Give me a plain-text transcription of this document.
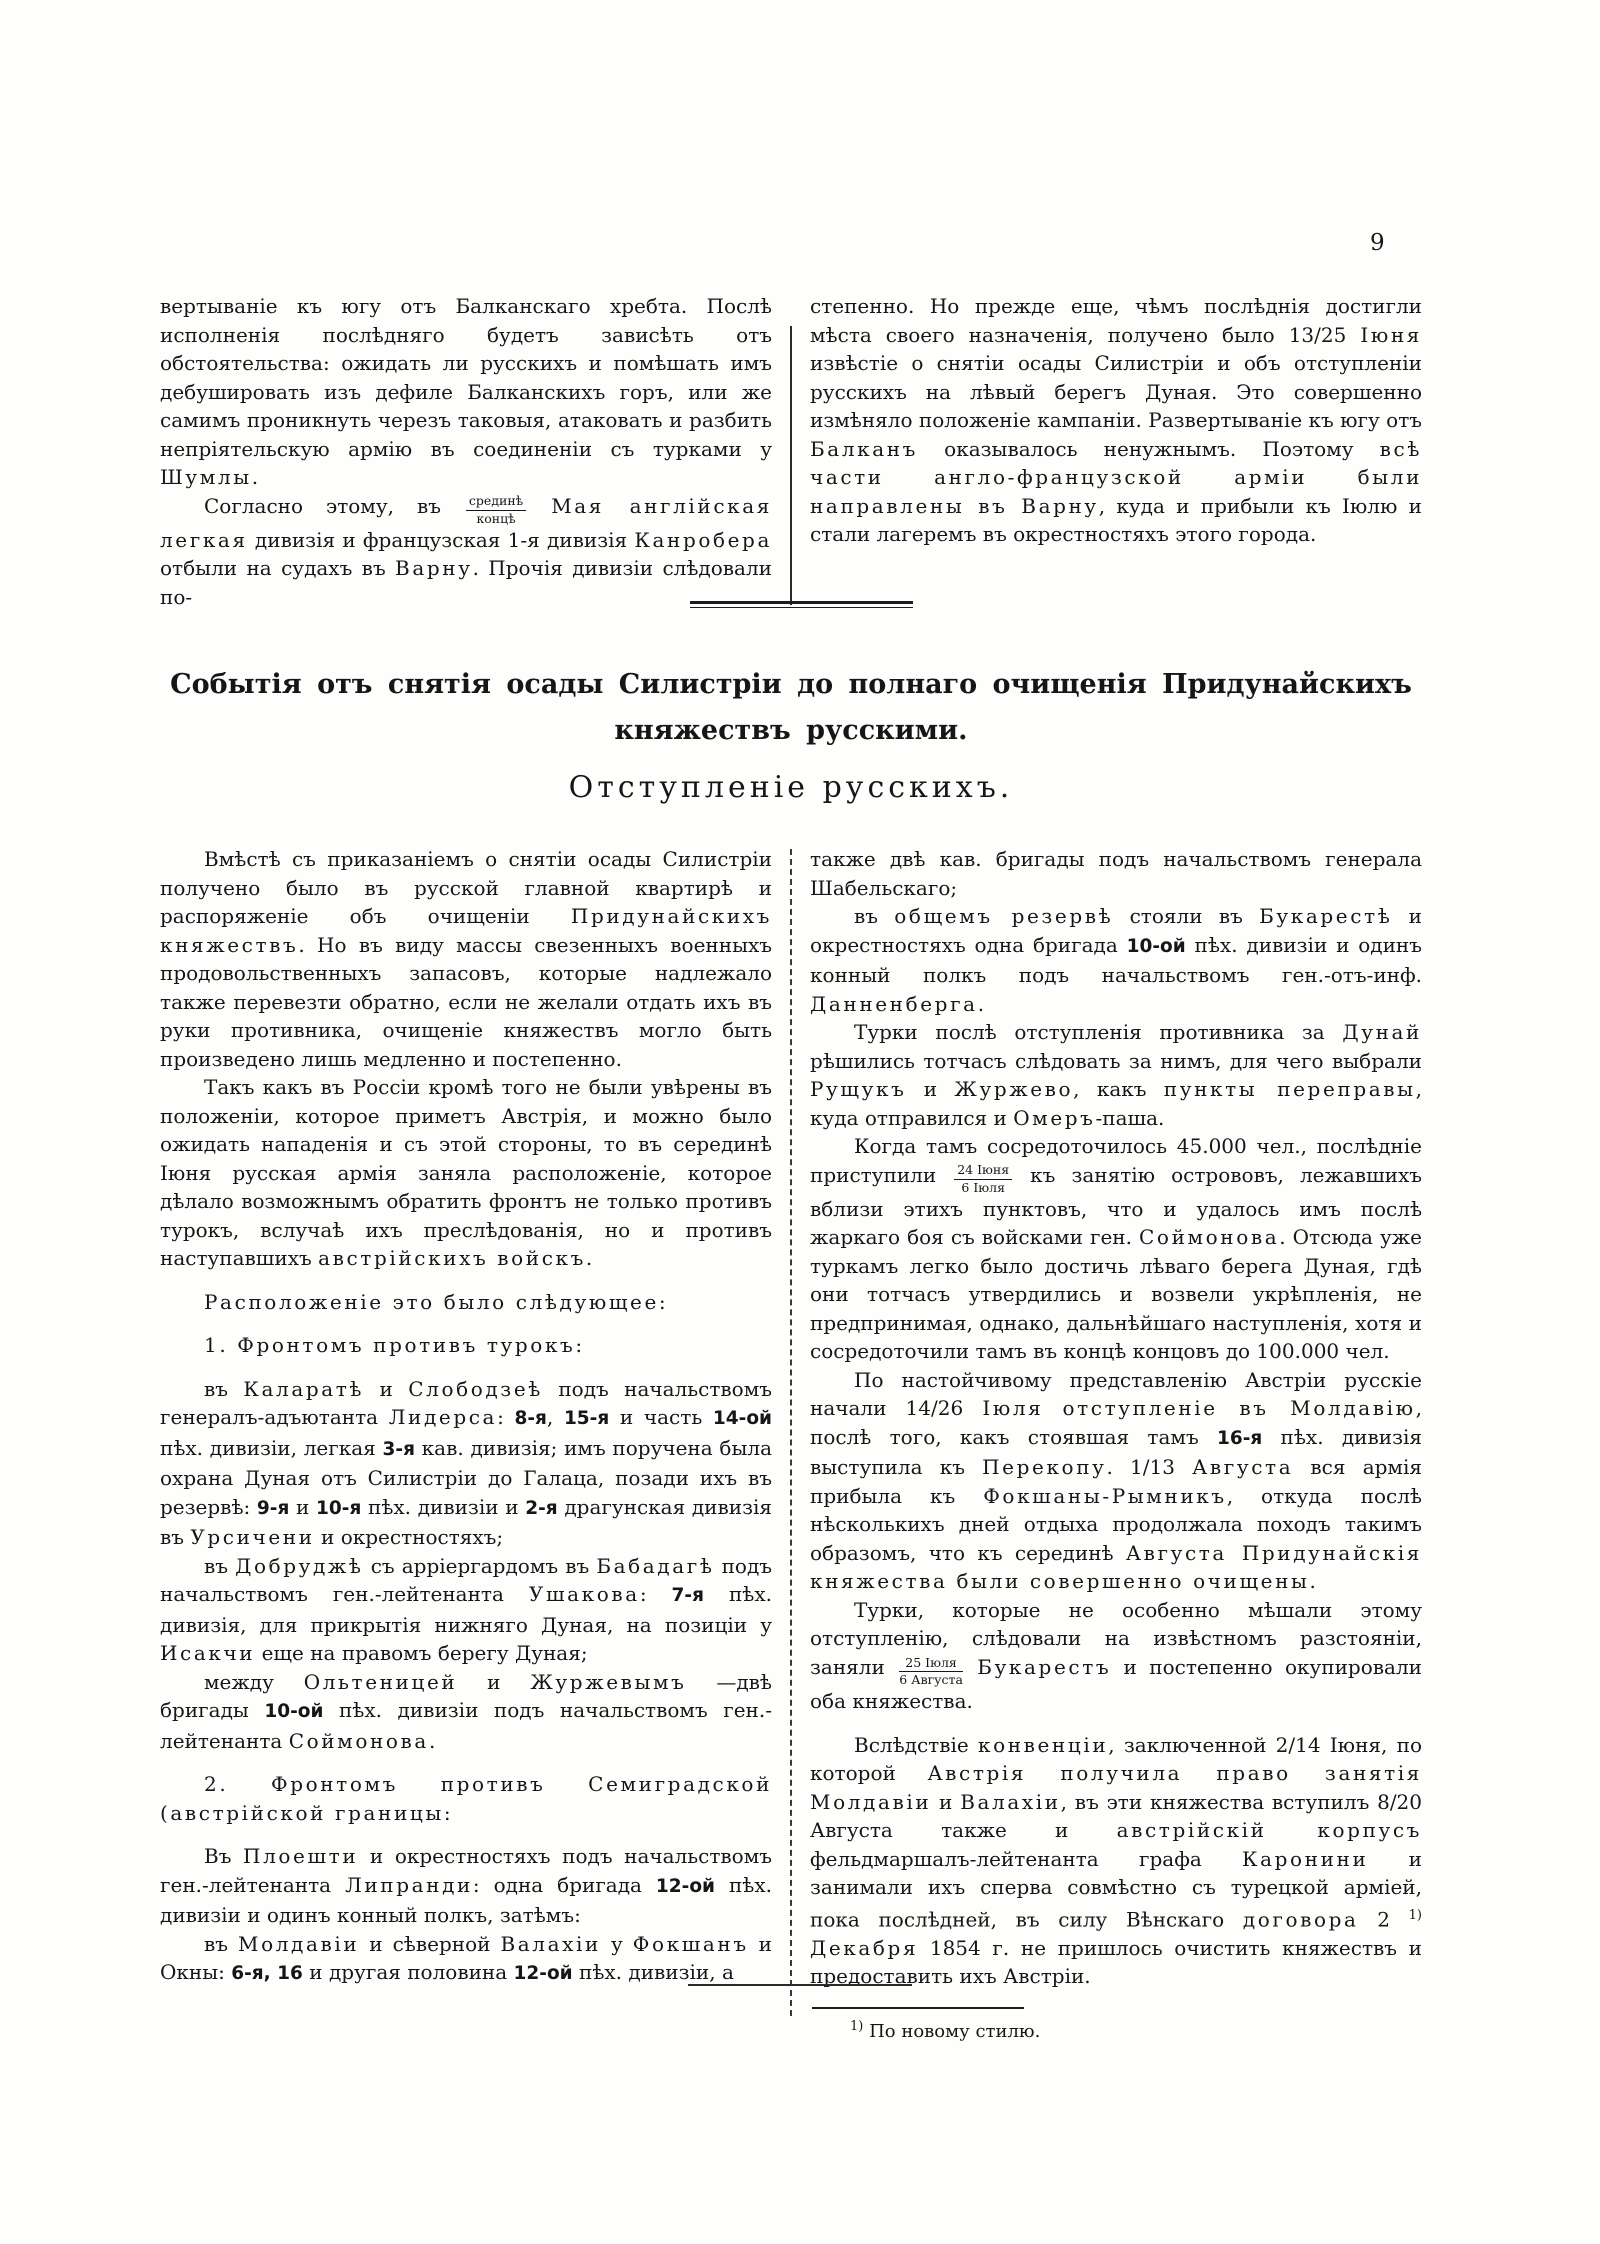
9

вертываніе къ югу отъ Балканскаго хребта. Послѣ исполненія послѣдняго будетъ зависѣть отъ обстоятельства: ожидать ли русскихъ и помѣшать имъ дебушировать изъ дефиле Балканскихъ горъ, или же самимъ проникнуть черезъ таковыя, атаковать и разбить непріятельскую армію въ соединеніи съ турками у Шумлы.

Согласно этому, въ $\frac{\text{срединѣ}}{\text{концѣ}}$ Мая англійская легкая дивизія и французская 1-я дивизія Канробера отбыли на судахъ въ Варну. Прочія дивизіи слѣдовали по-

степенно. Но прежде еще, чѣмъ послѣднія достигли мѣста своего назначенія, получено было 13/25 Іюня извѣстіе о снятіи осады Силистріи и объ отступленіи русскихъ на лѣвый берегъ Дуная. Это совершенно измѣняло положеніе кампаніи. Развертываніе къ югу отъ Балканъ оказывалось ненужнымъ. Поэтому всѣ части англо-французской арміи были направлены въ Варну, куда и прибыли къ Іюлю и стали лагеремъ въ окрестностяхъ этого города.

Событія отъ снятія осады Силистріи до полнаго очищенія Придунайскихъ княжествъ русскими.
Отступленіе русскихъ.

Вмѣстѣ съ приказаніемъ о снятіи осады Силистріи получено было въ русской главной квартирѣ и распоряженіе объ очищеніи Придунайскихъ княжествъ. Но въ виду массы свезенныхъ военныхъ продовольственныхъ запасовъ, которые надлежало также перевезти обратно, если не желали отдать ихъ въ руки противника, очищеніе княжествъ могло быть произведено лишь медленно и постепенно.

Такъ какъ въ Россіи кромѣ того не были увѣрены въ положеніи, которое приметъ Австрія, и можно было ожидать нападенія и съ этой стороны, то въ серединѣ Іюня русская армія заняла расположеніе, которое дѣлало возможнымъ обратить фронтъ не только противъ турокъ, вслучаѣ ихъ преслѣдованія, но и противъ наступавшихъ австрійскихъ войскъ.

Расположеніе это было слѣдующее:

1. Фронтомъ противъ турокъ:

въ Каларатѣ и Слободзеѣ подъ начальствомъ генералъ-адъютанта Лидерса: 8-я, 15-я и часть 14-ой пѣх. дивизіи, легкая 3-я кав. дивизія; имъ поручена была охрана Дуная отъ Силистріи до Галаца, позади ихъ въ резервѣ: 9-я и 10-я пѣх. дивизіи и 2-я драгунская дивизія въ Урсичени и окрестностяхъ;

въ Добруджѣ съ арріергардомъ въ Бабадагѣ подъ начальствомъ ген.-лейтенанта Ушакова: 7-я пѣх. дивизія, для прикрытія нижняго Дуная, на позиціи у Исакчи еще на правомъ берегу Дуная;

между Ольтеницей и Журжевымъ —двѣ бригады 10-ой пѣх. дивизіи подъ начальствомъ ген.-лейтенанта Соймонова.

2. Фронтомъ противъ Семиградской (австрійской границы:

Въ Плоешти и окрестностяхъ подъ начальствомъ ген.-лейтенанта Липранди: одна бригада 12-ой пѣх. дивизіи и одинъ конный полкъ, затѣмъ:

въ Молдавіи и сѣверной Валахіи у Фокшанъ и Окны: 6-я, 16 и другая половина 12-ой пѣх. дивизіи, а

также двѣ кав. бригады подъ начальствомъ генерала Шабельскаго;

въ общемъ резервѣ стояли въ Букарестѣ и окрестностяхъ одна бригада 10-ой пѣх. дивизіи и одинъ конный полкъ подъ начальствомъ ген.-отъ-инф. Данненберга.

Турки послѣ отступленія противника за Дунай рѣшились тотчасъ слѣдовать за нимъ, для чего выбрали Рущукъ и Журжево, какъ пункты переправы, куда отправился и Омеръ-паша.

Когда тамъ сосредоточилось 45.000 чел., послѣдніе приступили $\frac{\text{24 Іюня}}{\text{6 Іюля}}$ къ занятію острововъ, лежавшихъ вблизи этихъ пунктовъ, что и удалось имъ послѣ жаркаго боя съ войсками ген. Соймонова. Отсюда уже туркамъ легко было достичь лѣваго берега Дуная, гдѣ они тотчасъ утвердились и возвели укрѣпленія, не предпринимая, однако, дальнѣйшаго наступленія, хотя и сосредоточили тамъ въ концѣ концовъ до 100.000 чел.

По настойчивому представленію Австріи русскіе начали 14/26 Іюля отступленіе въ Молдавію, послѣ того, какъ стоявшая тамъ 16-я пѣх. дивизія выступила къ Перекопу. 1/13 Августа вся армія прибыла къ Фокшаны-Рымникъ, откуда послѣ нѣсколькихъ дней отдыха продолжала походъ такимъ образомъ, что къ серединѣ Августа Придунайскія княжества были совершенно очищены.

Турки, которые не особенно мѣшали этому отступленію, слѣдовали на извѣстномъ разстояніи, заняли $\frac{\text{25 Іюля}}{\text{6 Августа}}$ Букарестъ и постепенно окупировали оба княжества.

Вслѣдствіе конвенціи, заключенной 2/14 Іюня, по которой Австрія получила право занятія Молдавіи и Валахіи, въ эти княжества вступилъ 8/20 Августа также и австрійскій корпусъ фельдмаршалъ-лейтенанта графа Каронини и занимали ихъ сперва совмѣстно съ турецкой арміей, пока послѣдней, въ силу Вѣнскаго договора 2 $^{1)}$ Декабря 1854 г. не пришлось очистить княжествъ и предоставить ихъ Австріи.

$^{1)}$ По новому стилю.
